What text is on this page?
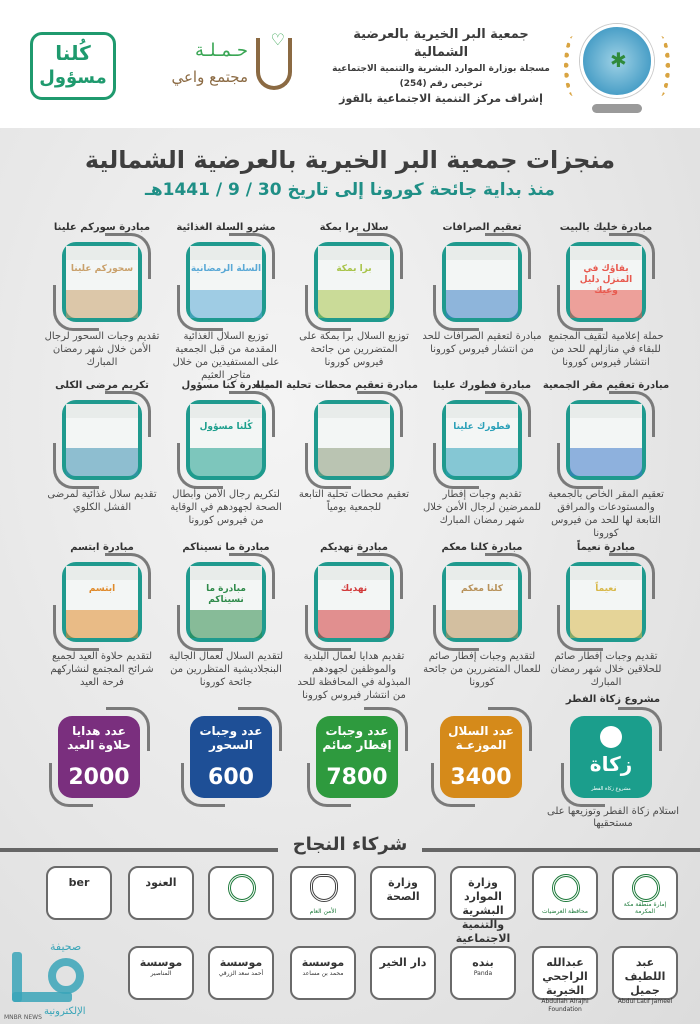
✱
جمعية البر الخيرية بالعرضية الشمالية
مسجلة بوزارة الموارد البشرية والتنمية الاجتماعية
ترخيص رقم (254)
إشراف مركز التنمية الاجتماعية بالقوز
♡
حـمـلـة
مجتمع واعي
كُلنا
مسؤول
منجزات جمعية البر الخيرية بالعرضية الشمالية
منذ بداية جائحة كورونا إلى تاريخ 30 / 9 / 1441هـ
مبادرة خليك بالبيت
بقاؤك في المنزل دليل وعيك
حملة إعلامية لتقيف المجتمع للبقاء في منازلهم للحد من انتشار فيروس كورونا
تعقيم الصرافات
مبادرة لتعقيم الصرافات للحد من انتشار فيروس كورونا
سلال برا بمكة
برا بمكة
توزيع السلال برا بمكة على المتضررين من جائحة فيروس كورونا
مشرو السلة الغذائية
السلة الرمضانية
توزيع السلال الغذائية المقدمة من قبل الجمعية على المستفيدين من خلال متاجر العثيم
مبادرة سوركم علينا
سحوركم علينا
تقديم وجبات السحور لرجال الأمن خلال شهر رمضان المبارك
مبادرة تعقيم مقر الجمعية
تعقيم المقر الخاص بالجمعية والمستودعات والمرافق التابعة لها للحد من فيروس كورونا
مبادرة فطورك علينا
فطورك علينا
تقديم وجبات إفطار للممرضين لرجال الأمن خلال شهر رمضان المبارك
مبادرة تعقيم محطات تحلية المياه
تعقيم محطات تحلية التابعة للجمعية يومياً
مبادرة كنا مسؤول
كُلنا مسؤول
لتكريم رجال الأمن وأبطال الصحة لجهودهم في الوقاية من فيروس كورونا
تكريم مرضى الكلى
تقديم سلال غذائية لمرضى الفشل الكلوي
مبادرة نعيماً
نعيماً
تقديم وجبات إفطار صائم للحلاقين خلال شهر رمضان المبارك
مبادرة كلنا معكم
كلنا معكم
لتقديم وجبات إفطار صائم للعمال المتضررين من جائحة كورونا
مبادرة نهديكم
نهديك
تقديم هدايا لعمال البلدية والموظفين لجهودهم المبذولة في المحافظة للحد من انتشار فيروس كورونا
مبادرة ما نسيناكم
مبادرة ما نسيناكم
لتقديم السلال لعمال الجالية البنجلاديشية المتظررين من جائحة كورونا
مبادرة ابتسم
ابتسم
لتقديم حلاوة العيد لجميع شرائح المجتمع لنشاركهم فرحة العيد
عدد السلال الموزعـة
3400
عدد وجبات إفطار صائم
7800
عدد وجبات السحور
600
عدد هدايا حلاوة العيد
2000
مشروع زكاة الفطر
زكاة
مشروع زكاة الفطر
استلام زكاة الفطر وتوزيعها على مستحقيها
شركاء النجاح
إمارة منطقة مكة المكرمة
محافظة العرضيات
وزارة الموارد البشرية والتنمية الاجتماعية
وزارة الصحة
الأمن العام
العنود
ber
عبد اللطيف جميل
Abdul Latif Jameel
عبدالله الراجحي الخيرية
Abdullah Alrajhi Foundation
بنده
Panda
دار الخير
موسسة
محمد بن مساعد
موسسة
أحمد سعد الزرقي
موسسة
المناصير
صحيفة
الإلكترونية
MNBR NEWS
